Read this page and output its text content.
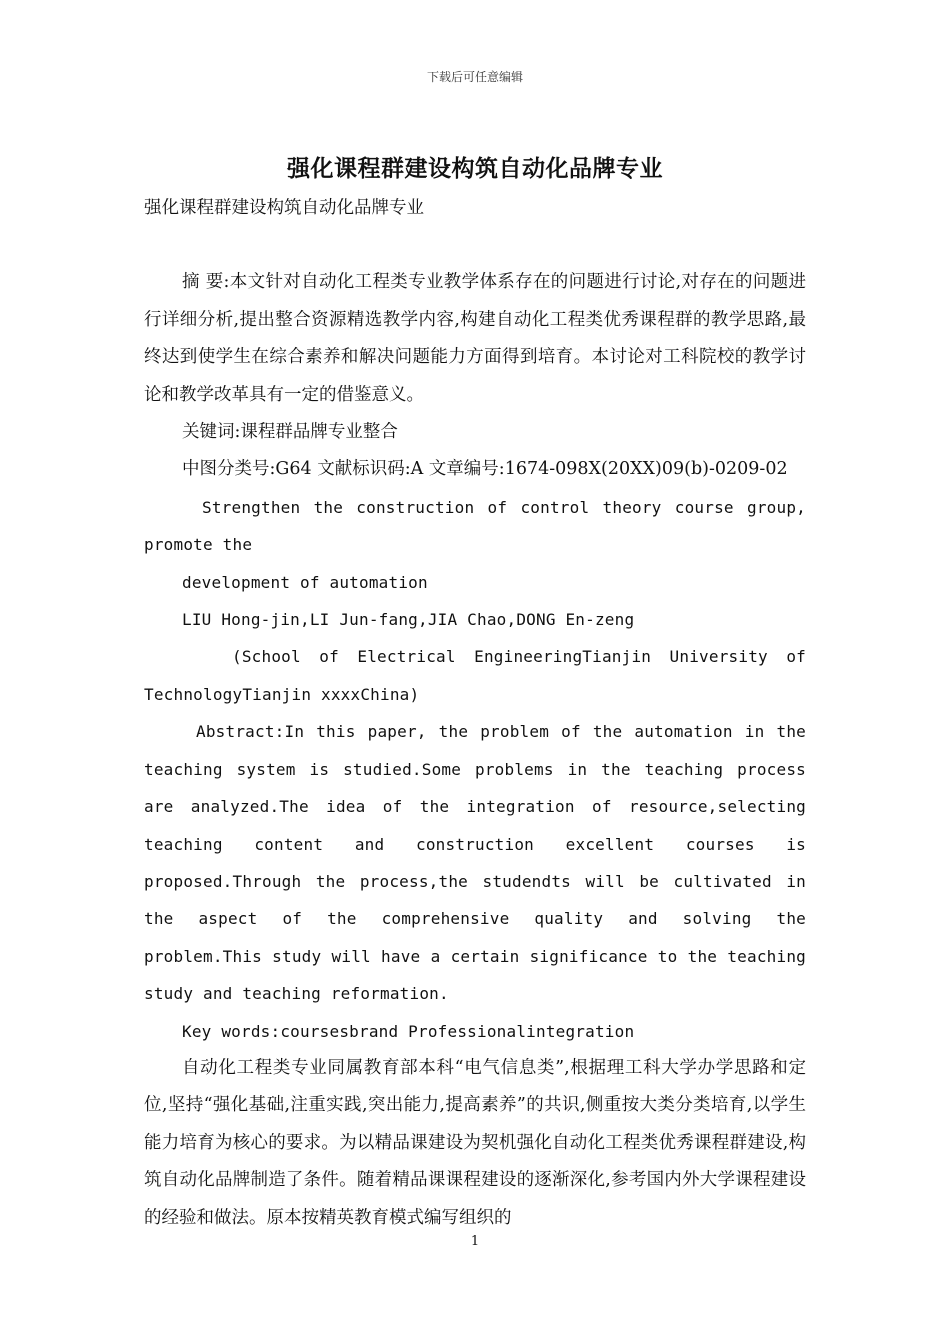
下载后可任意编辑
强化课程群建设构筑自动化品牌专业

强化课程群建设构筑自动化品牌专业

摘 要:本文针对自动化工程类专业教学体系存在的问题进行讨论,对存在的问题进行详细分析,提出整合资源精选教学内容,构建自动化工程类优秀课程群的教学思路,最终达到使学生在综合素养和解决问题能力方面得到培育。本讨论对工科院校的教学讨论和教学改革具有一定的借鉴意义。

关键词:课程群品牌专业整合

中图分类号:G64 文献标识码:A 文章编号:1674-098X(20XX)09(b)-0209-02

Strengthen the construction of control theory course group, promote the

development of automation

LIU Hong-jin,LI Jun-fang,JIA Chao,DONG En-zeng

(School of Electrical EngineeringTianjin University of TechnologyTianjin xxxxChina)

Abstract:In this paper, the problem of the automation in the teaching system is studied.Some problems in the teaching process are analyzed.The idea of the integration of resource,selecting teaching content and construction excellent courses is proposed.Through the process,the studendts will be cultivated in the aspect of the comprehensive quality and solving the problem.This study will have a certain significance to the teaching study and teaching reformation.

Key words:coursesbrand Professionalintegration

自动化工程类专业同属教育部本科“电气信息类”,根据理工科大学办学思路和定位,坚持“强化基础,注重实践,突出能力,提高素养”的共识,侧重按大类分类培育,以学生能力培育为核心的要求。为以精品课建设为契机强化自动化工程类优秀课程群建设,构筑自动化品牌制造了条件。随着精品课课程建设的逐渐深化,参考国内外大学课程建设的经验和做法。原本按精英教育模式编写组织的

1
